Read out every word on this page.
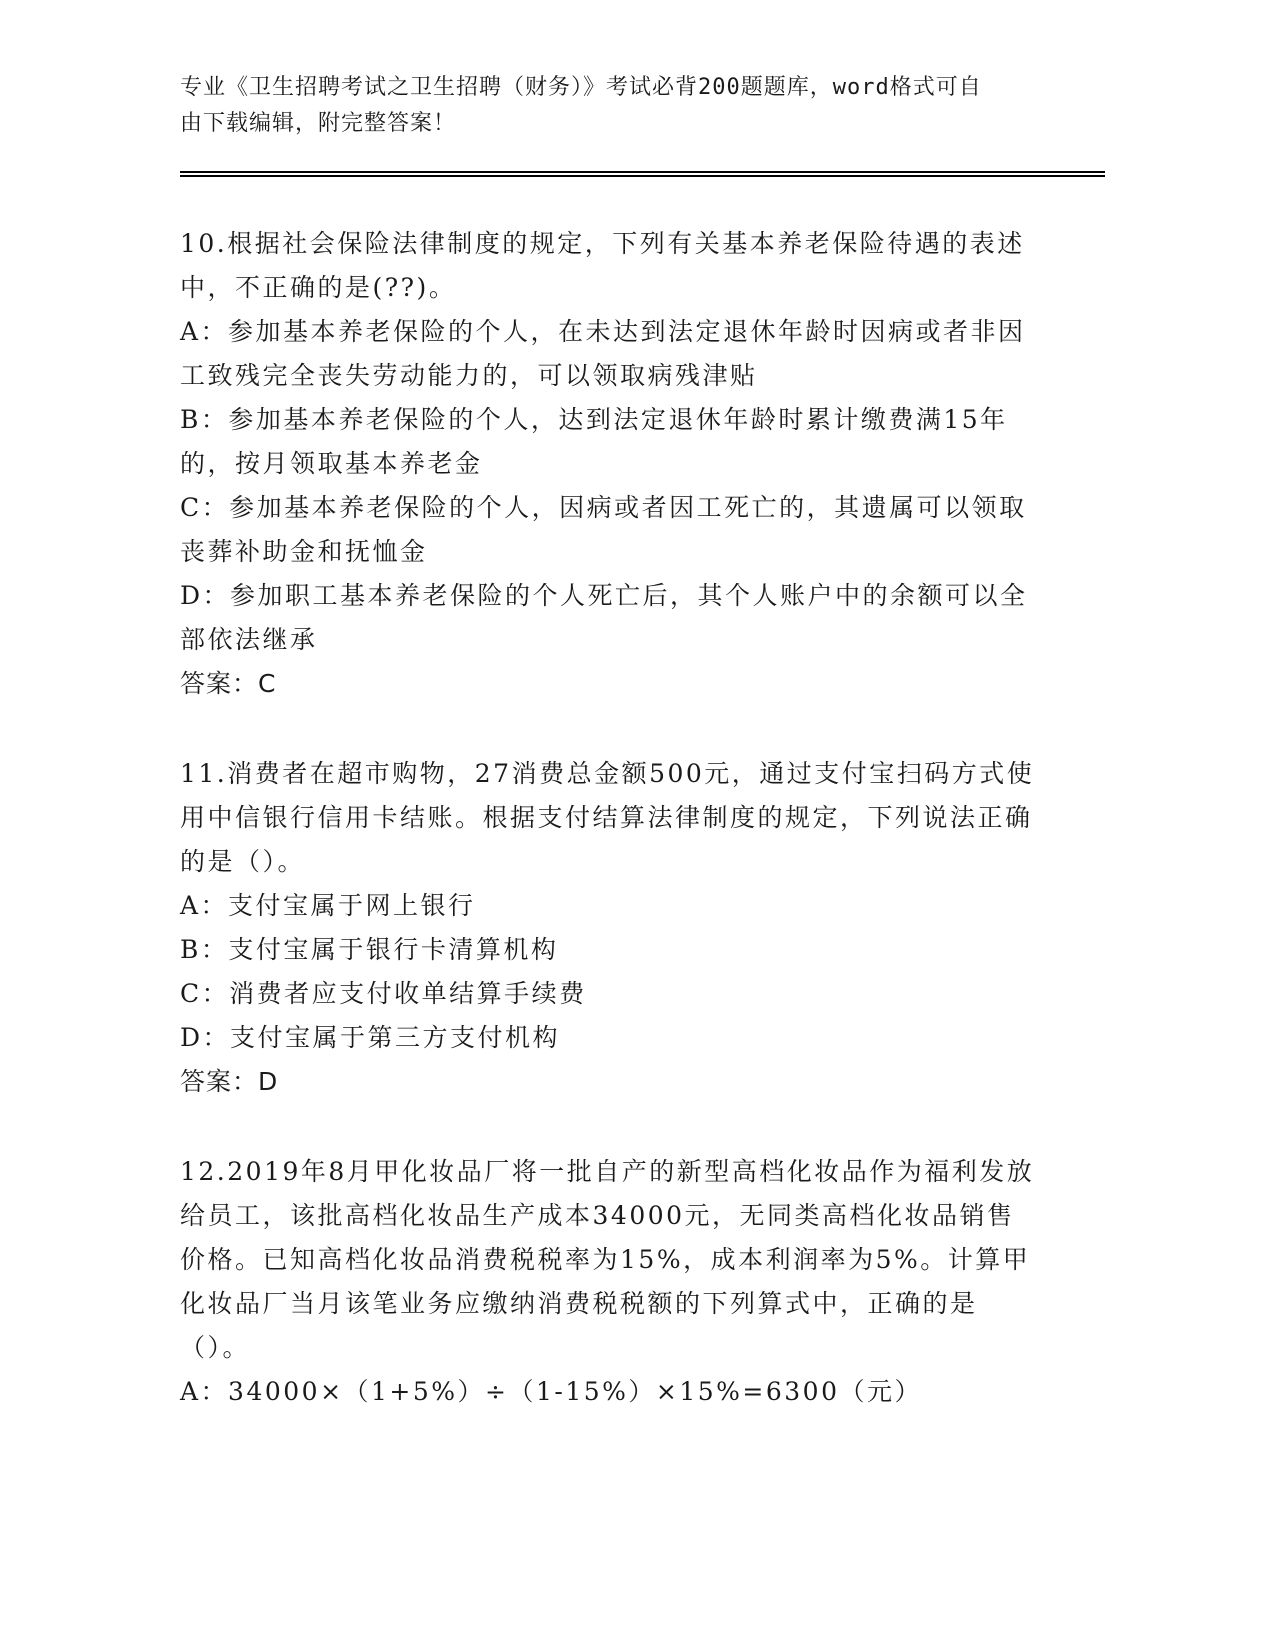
专业《卫生招聘考试之卫生招聘（财务）》考试必背200题题库，word格式可自
由下载编辑，附完整答案！

10.根据社会保险法律制度的规定，下列有关基本养老保险待遇的表述中，不正确的是(??)。

A：参加基本养老保险的个人，在未达到法定退休年龄时因病或者非因工致残完全丧失劳动能力的，可以领取病残津贴

B：参加基本养老保险的个人，达到法定退休年龄时累计缴费满15年的，按月领取基本养老金

C：参加基本养老保险的个人，因病或者因工死亡的，其遗属可以领取丧葬补助金和抚恤金

D：参加职工基本养老保险的个人死亡后，其个人账户中的余额可以全部依法继承

答案：C

11.消费者在超市购物，27消费总金额500元，通过支付宝扫码方式使用中信银行信用卡结账。根据支付结算法律制度的规定，下列说法正确的是（）。

A：支付宝属于网上银行

B：支付宝属于银行卡清算机构

C：消费者应支付收单结算手续费

D：支付宝属于第三方支付机构

答案：D

12.2019年8月甲化妆品厂将一批自产的新型高档化妆品作为福利发放给员工，该批高档化妆品生产成本34000元，无同类高档化妆品销售价格。已知高档化妆品消费税税率为15%，成本利润率为5%。计算甲化妆品厂当月该笔业务应缴纳消费税税额的下列算式中，正确的是（）。

A：34000×（1+5%）÷（1-15%）×15%=6300（元）
